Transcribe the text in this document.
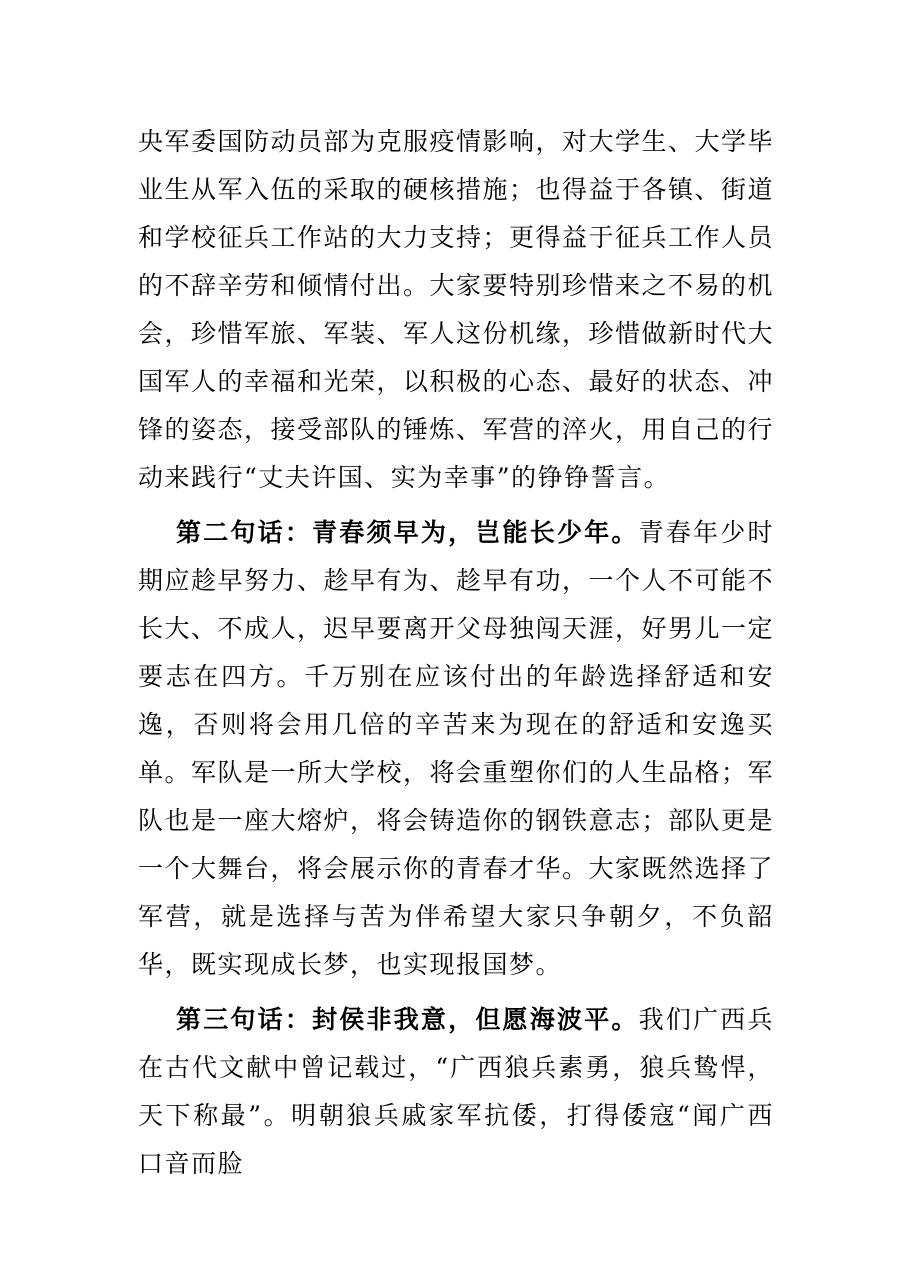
央军委国防动员部为克服疫情影响，对大学生、大学毕业生从军入伍的采取的硬核措施；也得益于各镇、街道和学校征兵工作站的大力支持；更得益于征兵工作人员的不辞辛劳和倾情付出。大家要特别珍惜来之不易的机会，珍惜军旅、军装、军人这份机缘，珍惜做新时代大国军人的幸福和光荣，以积极的心态、最好的状态、冲锋的姿态，接受部队的锤炼、军营的淬火，用自己的行动来践行“丈夫许国、实为幸事”的铮铮誓言。

第二句话：青春须早为，岂能长少年。青春年少时期应趁早努力、趁早有为、趁早有功，一个人不可能不长大、不成人，迟早要离开父母独闯天涯，好男儿一定要志在四方。千万别在应该付出的年龄选择舒适和安逸，否则将会用几倍的辛苦来为现在的舒适和安逸买单。军队是一所大学校，将会重塑你们的人生品格；军队也是一座大熔炉，将会铸造你的钢铁意志；部队更是一个大舞台，将会展示你的青春才华。大家既然选择了军营，就是选择与苦为伴希望大家只争朝夕，不负韶华，既实现成长梦，也实现报国梦。

第三句话：封侯非我意，但愿海波平。我们广西兵在古代文献中曾记载过，“广西狼兵素勇，狼兵鸷悍，天下称最”。明朝狼兵戚家军抗倭，打得倭寇“闻广西口音而脸
